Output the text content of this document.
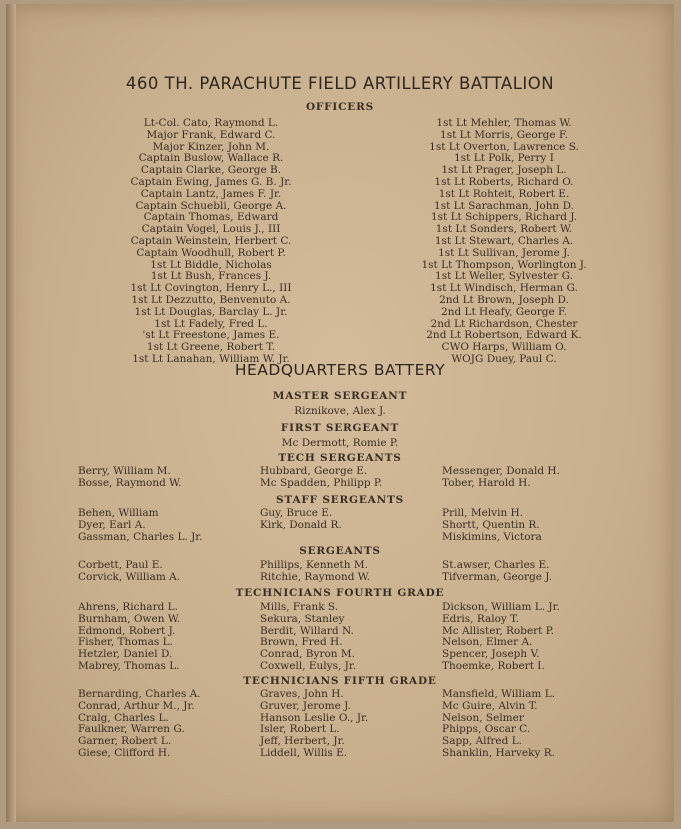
460 TH. PARACHUTE FIELD ARTILLERY BATTALION
OFFICERS
Lt-Col. Cato, Raymond L.
Major Frank, Edward C.
Major Kinzer, John M.
Captain Buslow, Wallace R.
Captain Clarke, George B.
Captain Ewing, James G. B. Jr.
Captain Lantz, James F. Jr.
Captain Schuebli, George A.
Captain Thomas, Edward
Captain Vogel, Louis J., III
Captain Weinstein, Herbert C.
Captain Woodhull, Robert P.
1st Lt Biddle, Nicholas
1st Lt Bush, Frances J.
1st Lt Covington, Henry L., III
1st Lt Dezzutto, Benvenuto A.
1st Lt Douglas, Barclay L. Jr.
1st Lt Fadely, Fred L.
'st Lt Freestone, James E.
1st Lt Greene, Robert T.
1st Lt Lanahan, William W. Jr.
1st Lt Mehler, Thomas W.
1st Lt Morris, George F.
1st Lt Overton, Lawrence S.
1st Lt Polk, Perry I
1st Lt Prager, Joseph L.
1st Lt Roberts, Richard O.
1st Lt Rohteit, Robert E.
1st Lt Sarachman, John D.
1st Lt Schippers, Richard J.
1st Lt Sonders, Robert W.
1st Lt Stewart, Charles A.
1st Lt Sullivan, Jerome J.
1st Lt Thompson, Worlington J.
1st Lt Weller, Sylvester G.
1st Lt Windisch, Herman G.
2nd Lt Brown, Joseph D.
2nd Lt Heafy, George F.
2nd Lt Richardson, Chester
2nd Lt Robertson, Edward K.
CWO Harps, William O.
WOJG Duey, Paul C.
HEADQUARTERS BATTERY
MASTER SERGEANT
Riznikove, Alex J.
FIRST SERGEANT
Mc Dermott, Romie P.
TECH SERGEANTS
Berry, William M.
Bosse, Raymond W.
Hubbard, George E.
Mc Spadden, Philipp P.
Messenger, Donald H.
Tober, Harold H.
STAFF SERGEANTS
Behen, William
Dyer, Earl A.
Gassman, Charles L. Jr.
Guy, Bruce E.
Kirk, Donald R.
Prill, Melvin H.
Shortt, Quentin R.
Miskimins, Victora
SERGEANTS
Corbett, Paul E.
Corvick, William A.
Phillips, Kenneth M.
Ritchie, Raymond W.
St.awser, Charles E.
Tifverman, George J.
TECHNICIANS FOURTH GRADE
Ahrens, Richard L.
Burnham, Owen W.
Edmond, Robert J.
Fisher, Thomas L.
Hetzler, Daniel D.
Mabrey, Thomas L.
Mills, Frank S.
Sekura, Stanley
Berdit, Willard N.
Brown, Fred H.
Conrad, Byron M.
Coxwell, Eulys, Jr.
Dickson, William L. Jr.
Edris, Raloy T.
Mc Allister, Robert P.
Nelson, Elmer A.
Spencer, Joseph V.
Thoemke, Robert I.
TECHNICIANS FIFTH GRADE
Bernarding, Charles A.
Conrad, Arthur M., Jr.
Cralg, Charles L.
Faulkner, Warren G.
Garner, Robert L.
Giese, Clifford H.
Graves, John H.
Gruver, Jerome J.
Hanson Leslie O., Jr.
Isler, Robert L.
Jeff, Herbert, Jr.
Liddell, Willis E.
Mansfield, William L.
Mc Guire, Alvin T.
Nelson, Selmer
Phipps, Oscar C.
Sapp, Alfred L.
Shanklin, Harveky R.
